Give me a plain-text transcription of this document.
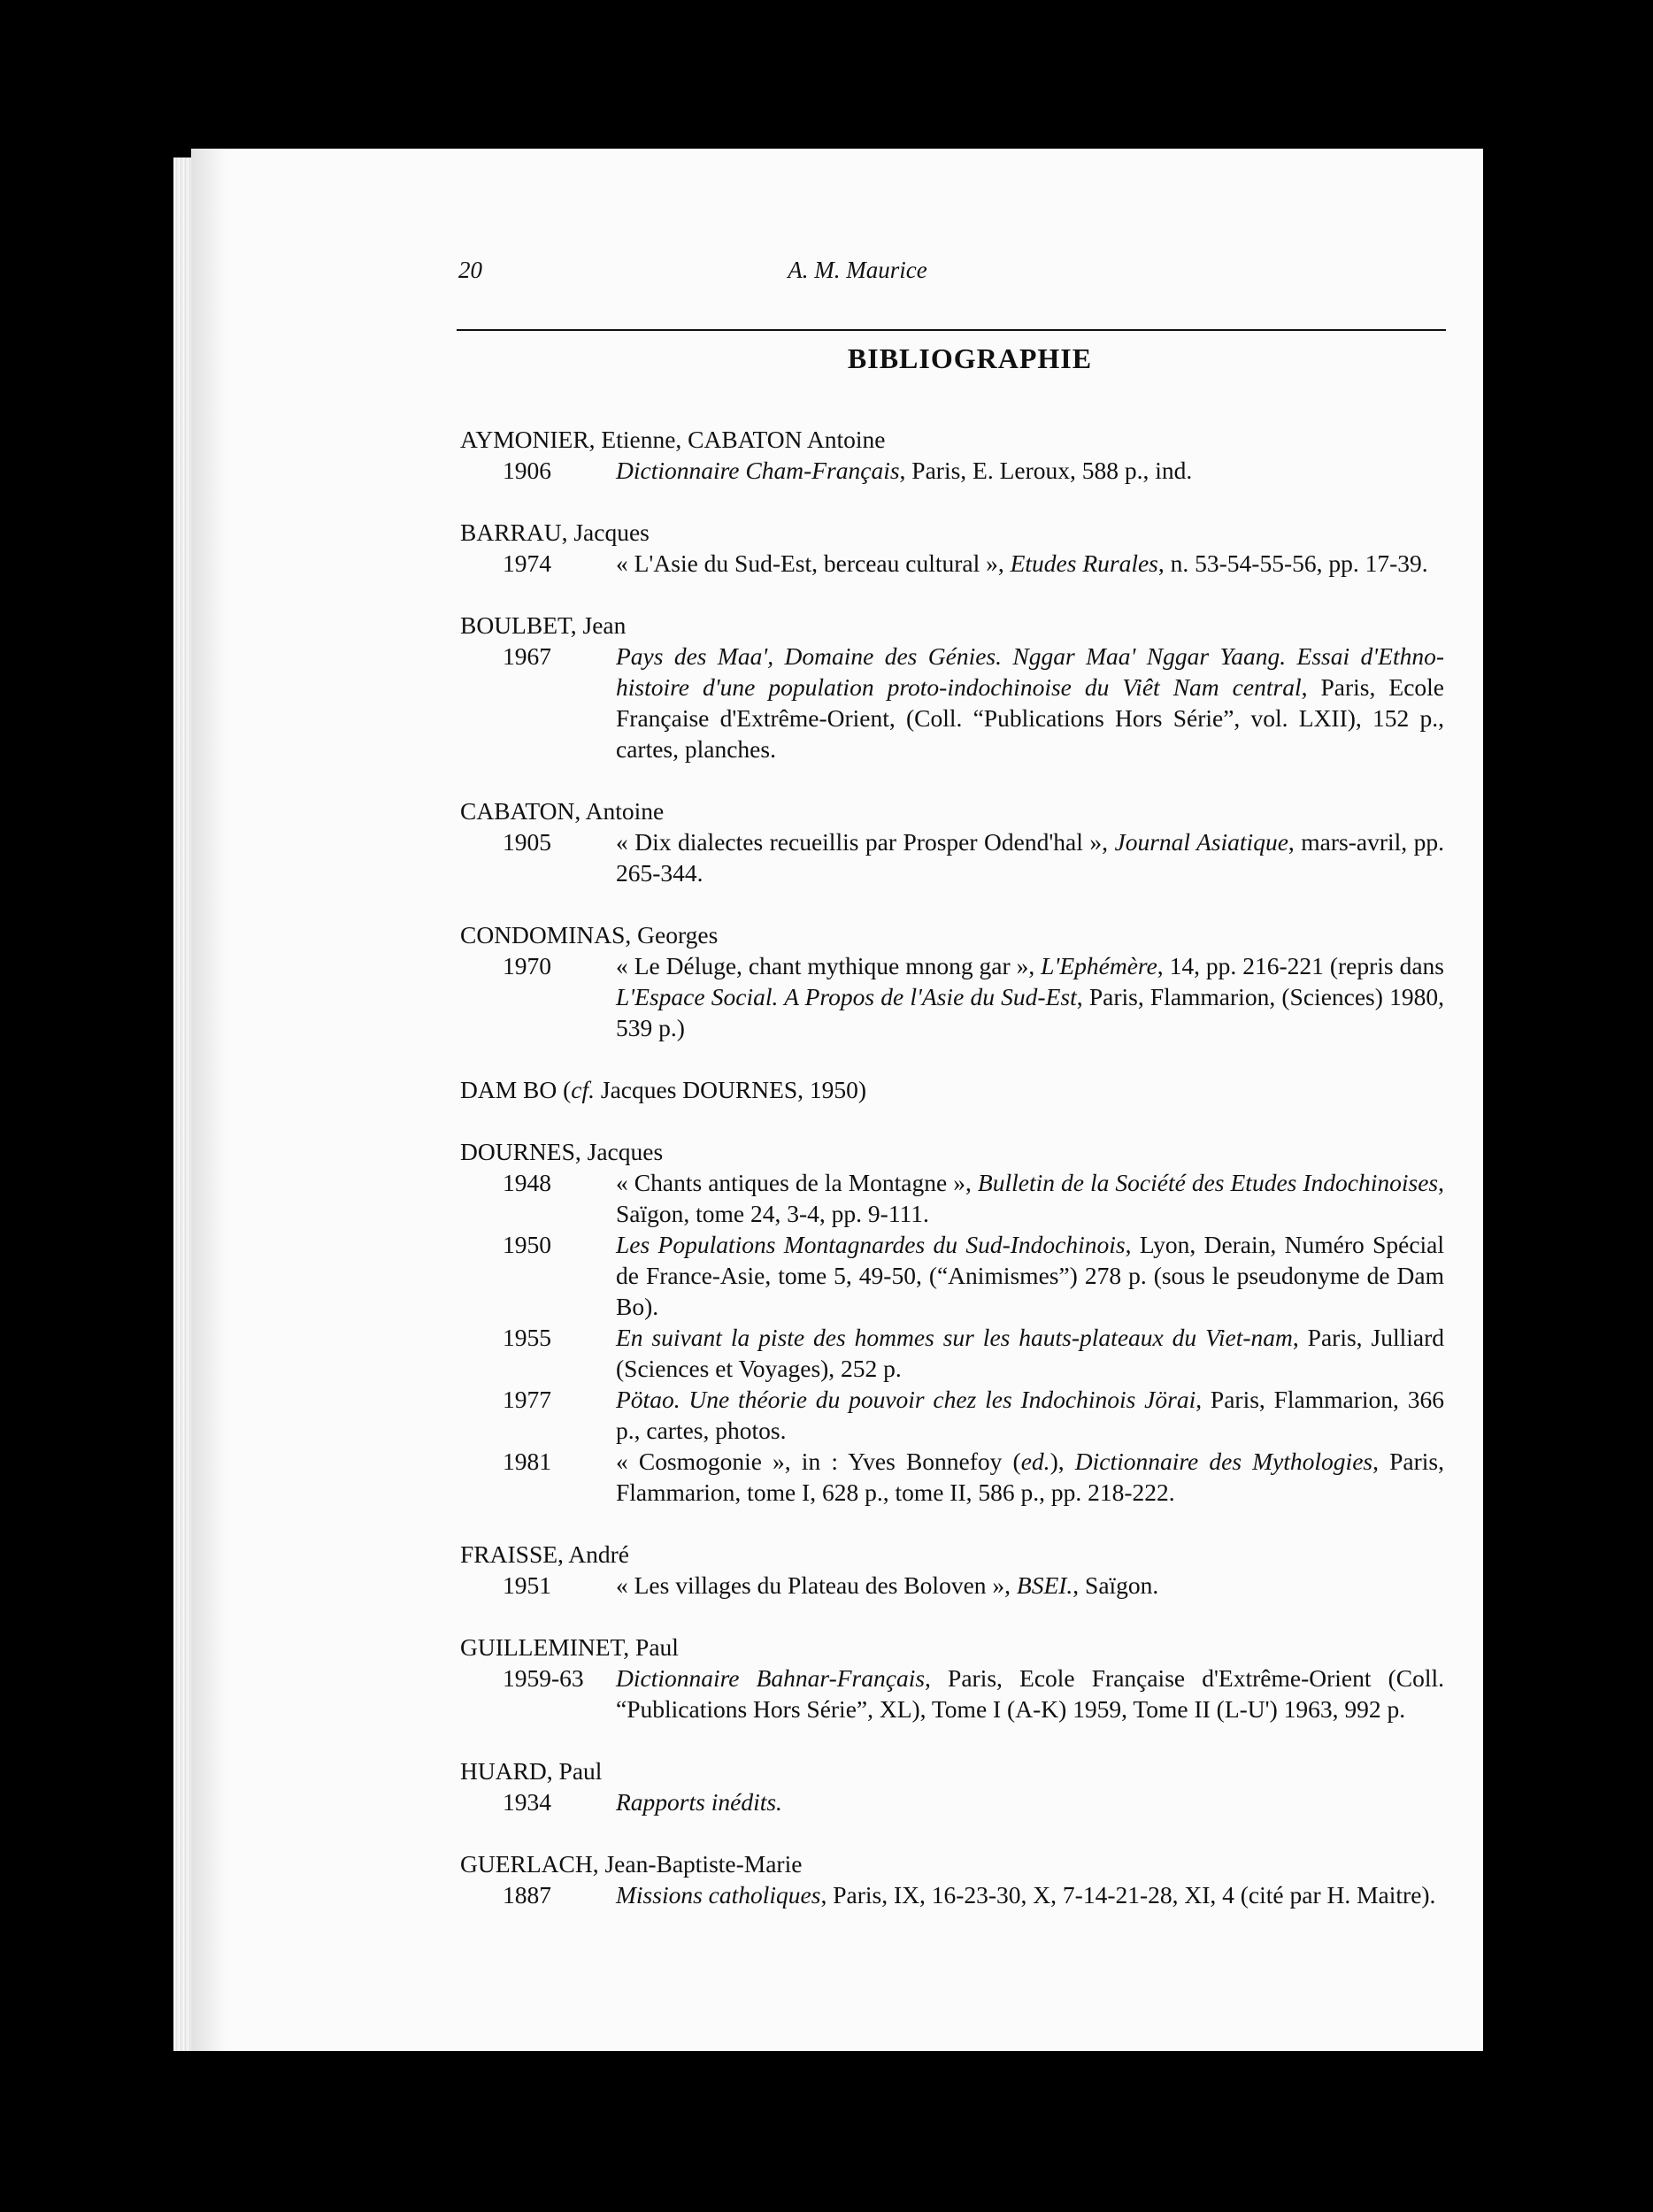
20	A. M. Maurice
BIBLIOGRAPHIE
AYMONIER, Etienne, CABATON Antoine
1906	Dictionnaire Cham-Français, Paris, E. Leroux, 588 p., ind.
BARRAU, Jacques
1974	« L'Asie du Sud-Est, berceau cultural », Etudes Rurales, n. 53-54-55-56, pp. 17-39.
BOULBET, Jean
1967	Pays des Maa', Domaine des Génies. Nggar Maa' Nggar Yaang. Essai d'Ethno-histoire d'une population proto-indochinoise du Viêt Nam central, Paris, Ecole Française d'Extrême-Orient, (Coll. “Publications Hors Série”, vol. LXII), 152 p., cartes, planches.
CABATON, Antoine
1905	« Dix dialectes recueillis par Prosper Odend'hal », Journal Asiatique, mars-avril, pp. 265-344.
CONDOMINAS, Georges
1970	« Le Déluge, chant mythique mnong gar », L'Ephémère, 14, pp. 216-221 (repris dans L'Espace Social. A Propos de l'Asie du Sud-Est, Paris, Flammarion, (Sciences) 1980, 539 p.)
DAM BO (cf. Jacques DOURNES, 1950)
DOURNES, Jacques
1948	« Chants antiques de la Montagne », Bulletin de la Société des Etudes Indochinoises, Saïgon, tome 24, 3-4, pp. 9-111.
1950	Les Populations Montagnardes du Sud-Indochinois, Lyon, Derain, Numéro Spécial de France-Asie, tome 5, 49-50, (“Animismes”) 278 p. (sous le pseudonyme de Dam Bo).
1955	En suivant la piste des hommes sur les hauts-plateaux du Viet-nam, Paris, Julliard (Sciences et Voyages), 252 p.
1977	Pötao. Une théorie du pouvoir chez les Indochinois Jörai, Paris, Flammarion, 366 p., cartes, photos.
1981	« Cosmogonie », in : Yves Bonnefoy (ed.), Dictionnaire des Mythologies, Paris, Flammarion, tome I, 628 p., tome II, 586 p., pp. 218-222.
FRAISSE, André
1951	« Les villages du Plateau des Boloven », BSEI., Saïgon.
GUILLEMINET, Paul
1959-63	Dictionnaire Bahnar-Français, Paris, Ecole Française d'Extrême-Orient (Coll. “Publications Hors Série”, XL), Tome I (A-K) 1959, Tome II (L-U') 1963, 992 p.
HUARD, Paul
1934	Rapports inédits.
GUERLACH, Jean-Baptiste-Marie
1887	Missions catholiques, Paris, IX, 16-23-30, X, 7-14-21-28, XI, 4 (cité par H. Maitre).
